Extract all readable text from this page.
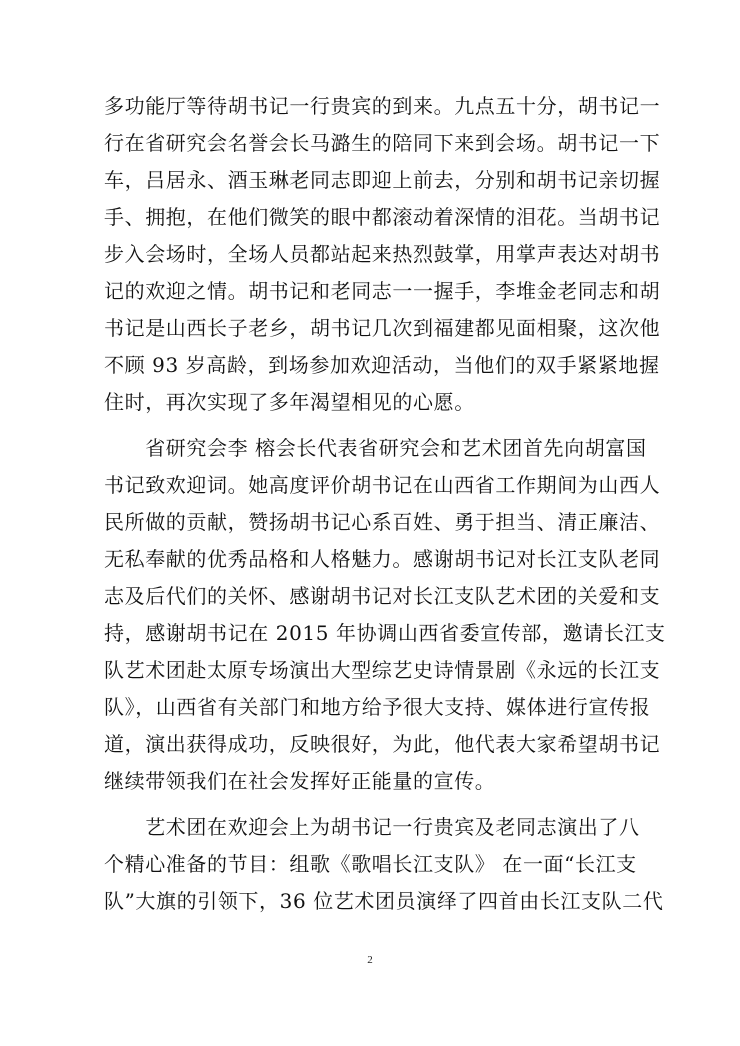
多功能厅等待胡书记一行贵宾的到来。九点五十分，胡书记一
行在省研究会名誉会长马潞生的陪同下来到会场。胡书记一下
车，吕居永、酒玉琳老同志即迎上前去，分别和胡书记亲切握
手、拥抱，在他们微笑的眼中都滚动着深情的泪花。当胡书记
步入会场时，全场人员都站起来热烈鼓掌，用掌声表达对胡书
记的欢迎之情。胡书记和老同志一一握手，李堆金老同志和胡
书记是山西长子老乡，胡书记几次到福建都见面相聚，这次他
不顾 93 岁高龄，到场参加欢迎活动，当他们的双手紧紧地握
住时，再次实现了多年渴望相见的心愿。
　　省研究会李 榕会长代表省研究会和艺术团首先向胡富国
书记致欢迎词。她高度评价胡书记在山西省工作期间为山西人
民所做的贡献，赞扬胡书记心系百姓、勇于担当、清正廉洁、
无私奉献的优秀品格和人格魅力。感谢胡书记对长江支队老同
志及后代们的关怀、感谢胡书记对长江支队艺术团的关爱和支
持，感谢胡书记在 2015 年协调山西省委宣传部，邀请长江支
队艺术团赴太原专场演出大型综艺史诗情景剧《永远的长江支
队》，山西省有关部门和地方给予很大支持、媒体进行宣传报
道，演出获得成功，反映很好，为此，他代表大家希望胡书记
继续带领我们在社会发挥好正能量的宣传。
　　艺术团在欢迎会上为胡书记一行贵宾及老同志演出了八
个精心准备的节目：组歌《歌唱长江支队》 在一面“长江支
队”大旗的引领下，36 位艺术团员演绎了四首由长江支队二代
2
